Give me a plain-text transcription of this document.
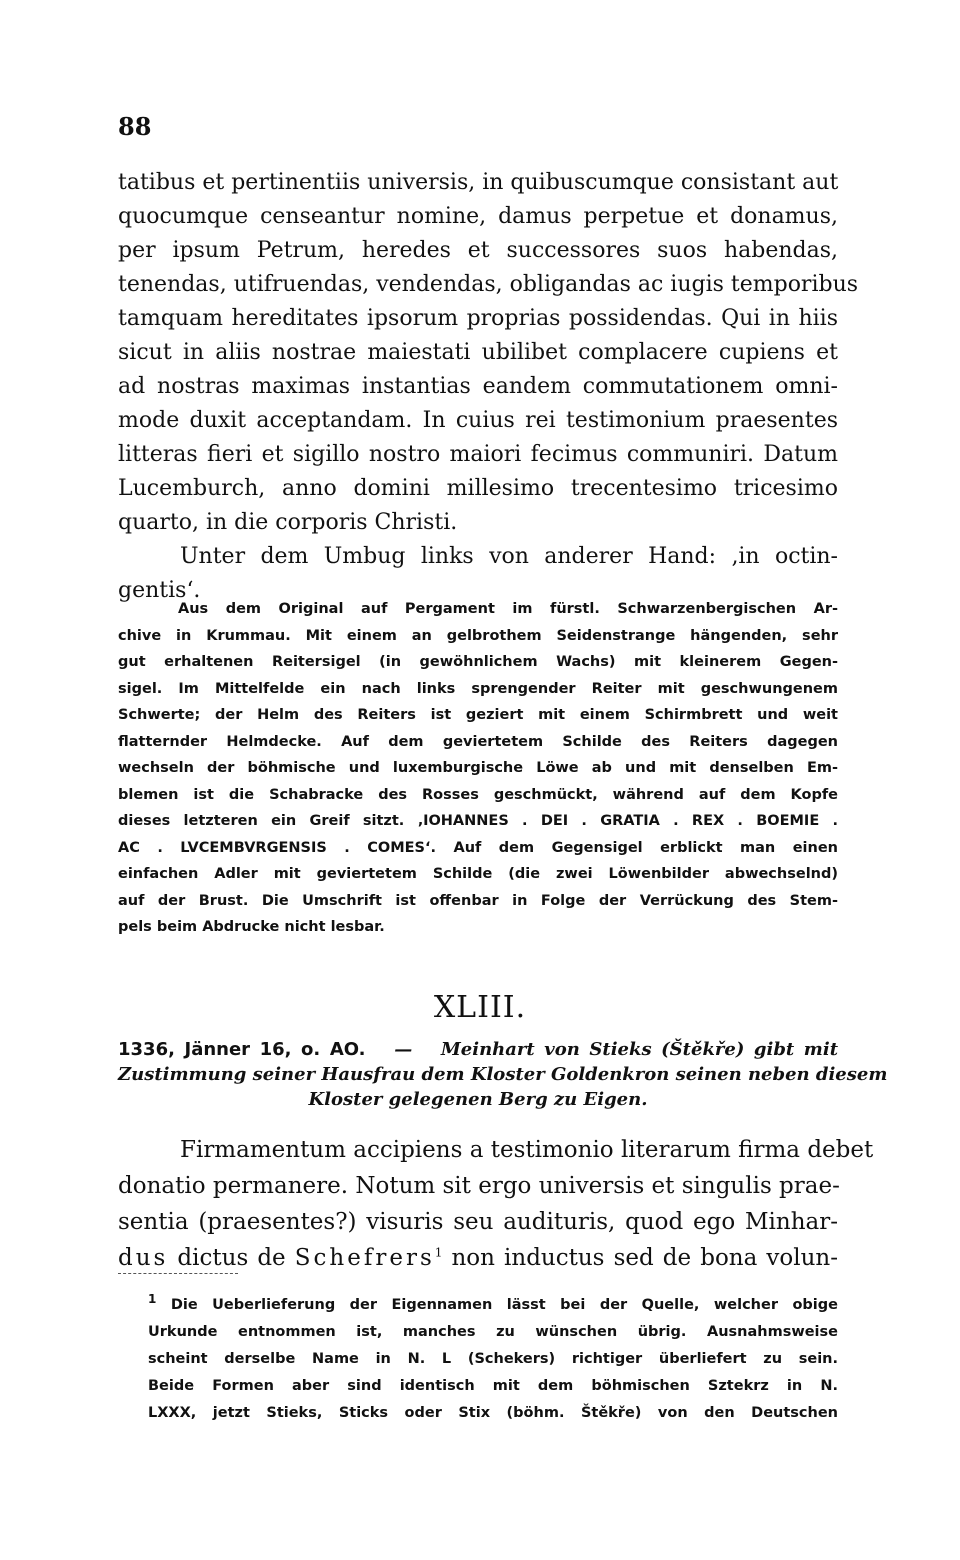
88
tatibus et pertinentiis universis, in quibuscumque consistant aut
quocumque censeantur nomine, damus perpetue et donamus,
per ipsum Petrum, heredes et successores suos habendas,
tenendas, utifruendas, vendendas, obligandas ac iugis temporibus
tamquam hereditates ipsorum proprias possidendas. Qui in hiis
sicut in aliis nostrae maiestati ubilibet complacere cupiens et
ad nostras maximas instantias eandem commutationem omni-
mode duxit acceptandam. In cuius rei testimonium praesentes
litteras fieri et sigillo nostro maiori fecimus communiri. Datum
Lucemburch, anno domini millesimo trecentesimo tricesimo
quarto, in die corporis Christi.
Unter dem Umbug links von anderer Hand: ‚in octin-
gentis‘.
Aus dem Original auf Pergament im fürstl. Schwarzenbergischen Ar-
chive in Krummau. Mit einem an gelbrothem Seidenstrange hängenden, sehr
gut erhaltenen Reitersigel (in gewöhnlichem Wachs) mit kleinerem Gegen-
sigel. Im Mittelfelde ein nach links sprengender Reiter mit geschwungenem
Schwerte; der Helm des Reiters ist geziert mit einem Schirmbrett und weit
flatternder Helmdecke. Auf dem geviertetem Schilde des Reiters dagegen
wechseln der böhmische und luxemburgische Löwe ab und mit denselben Em-
blemen ist die Schabracke des Rosses geschmückt, während auf dem Kopfe
dieses letzteren ein Greif sitzt. ‚IOHANNES . DEI . GRATIA . REX . BOEMIE .
AC . LVCEMBVRGENSIS . COMES‘. Auf dem Gegensigel erblickt man einen
einfachen Adler mit geviertetem Schilde (die zwei Löwenbilder abwechselnd)
auf der Brust. Die Umschrift ist offenbar in Folge der Verrückung des Stem-
pels beim Abdrucke nicht lesbar.
XLIII.
1336, Jänner 16, o. AO. — Meinhart von Stieks (Štěkře) gibt mit
Zustimmung seiner Hausfrau dem Kloster Goldenkron seinen neben diesem
Kloster gelegenen Berg zu Eigen.
Firmamentum accipiens a testimonio literarum firma debet
donatio permanere. Notum sit ergo universis et singulis prae-
sentia (praesentes?) visuris seu audituris, quod ego Minhar-
dus dictus de Schefrers$^1$ non inductus sed de bona volun-
$^1$ Die Ueberlieferung der Eigennamen lässt bei der Quelle, welcher obige
Urkunde entnommen ist, manches zu wünschen übrig. Ausnahmsweise
scheint derselbe Name in N. L (Schekers) richtiger überliefert zu sein.
Beide Formen aber sind identisch mit dem böhmischen Sztekrz in N.
LXXX, jetzt Stieks, Sticks oder Stix (böhm. Štěkře) von den Deutschen
